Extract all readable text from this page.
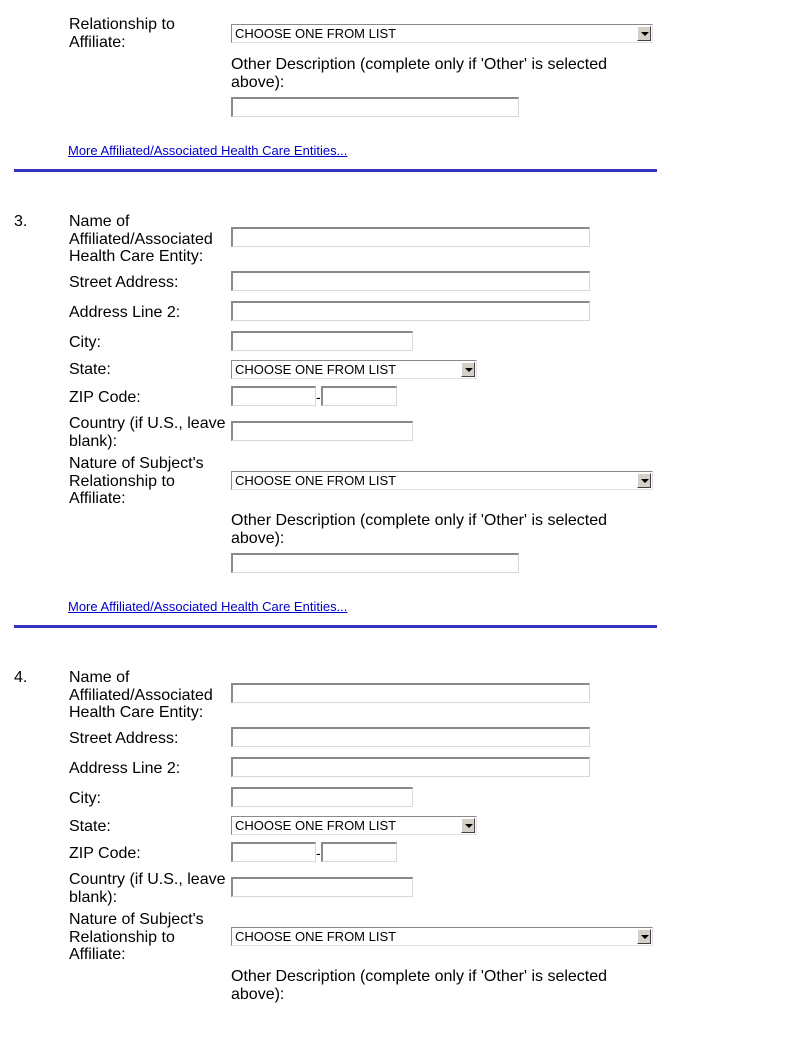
Relationship to Affiliate:	CHOOSE ONE FROM LIST
Other Description (complete only if 'Other' is selected above):
More Affiliated/Associated Health Care Entities...
3.	Name of Affiliated/Associated Health Care Entity:
Street Address:
Address Line 2:
City:
State:	CHOOSE ONE FROM LIST
ZIP Code:	-
Country (if U.S., leave blank):
Nature of Subject's Relationship to Affiliate:
CHOOSE ONE FROM LIST
Other Description (complete only if 'Other' is selected above):
More Affiliated/Associated Health Care Entities...
4.	Name of Affiliated/Associated Health Care Entity:
Street Address:
Address Line 2:
City:
State:	CHOOSE ONE FROM LIST
ZIP Code:	-
Country (if U.S., leave blank):
Nature of Subject's Relationship to Affiliate:
CHOOSE ONE FROM LIST
Other Description (complete only if 'Other' is selected above):
